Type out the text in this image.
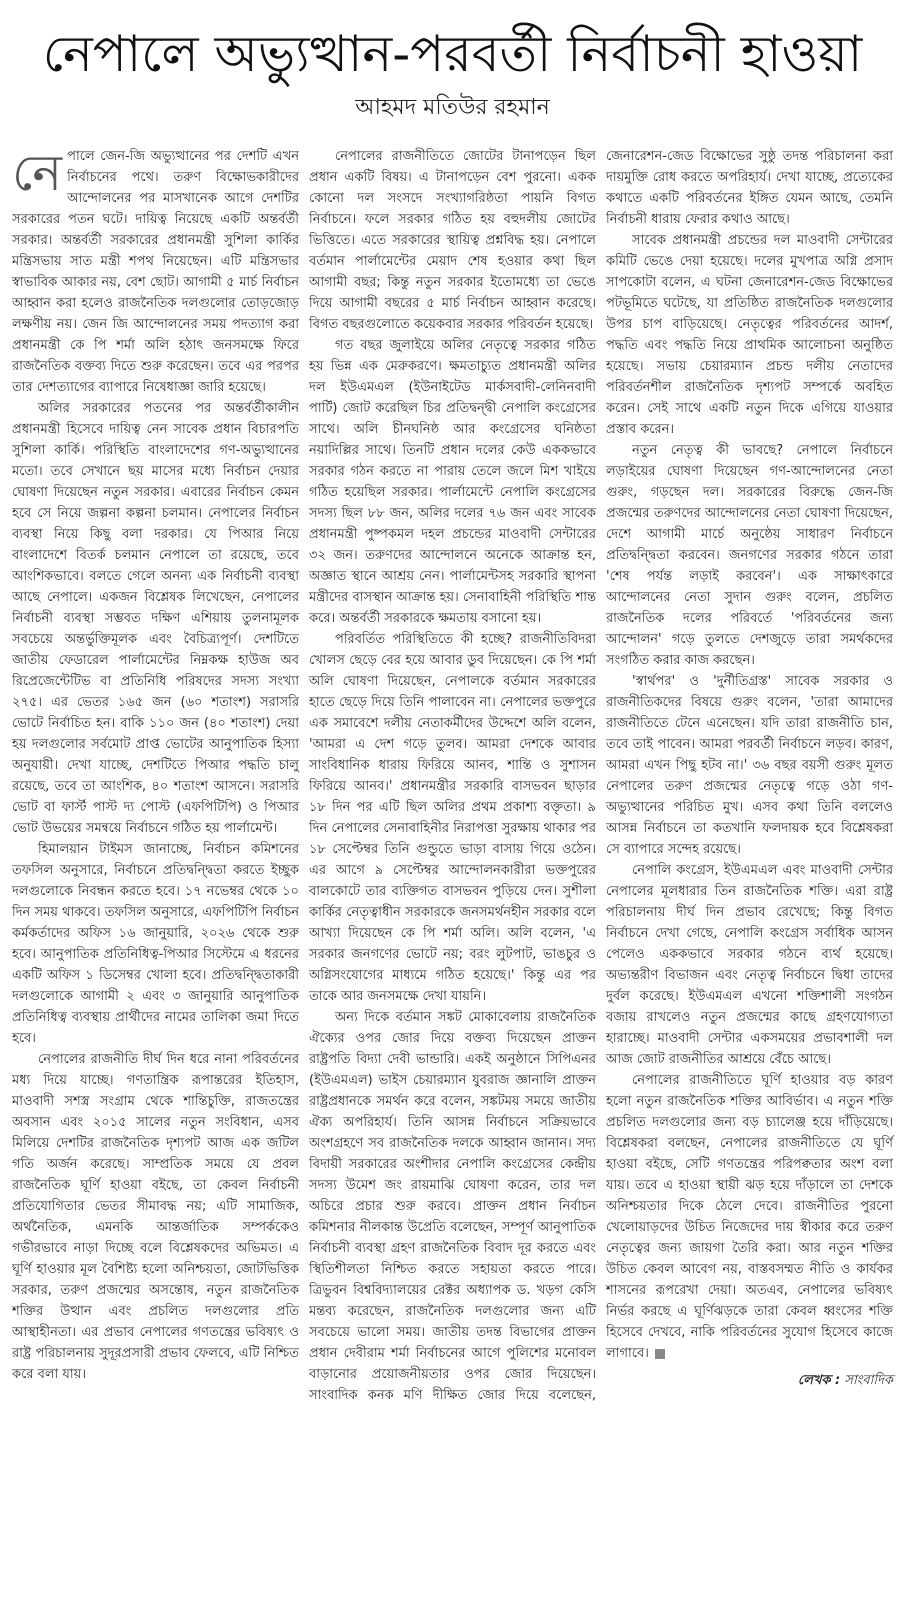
নেপালে অভ্যুত্থান-পরবর্তী নির্বাচনী হাওয়া
আহমদ মতিউর রহমান

নেপালে জেন-জি অভ্যুত্থানের পর দেশটি এখন নির্বাচনের পথে। তরুণ বিক্ষোভকারীদের আন্দোলনের পর মাসখানেক আগে দেশটির সরকারের পতন ঘটে। দায়িত্ব নিয়েছে একটি অন্তর্বর্তী সরকার। অন্তর্বর্তী সরকারের প্রধানমন্ত্রী সুশিলা কার্কির মন্ত্রিসভায় সাত মন্ত্রী শপথ নিয়েছেন। এটি মন্ত্রিসভার স্বাভাবিক আকার নয়, বেশ ছোট। আগামী ৫ মার্চ নির্বাচন আহ্বান করা হলেও রাজনৈতিক দলগুলোর তোড়জোড় লক্ষণীয় নয়। জেন জি আন্দোলনের সময় পদত্যাগ করা প্রধানমন্ত্রী কে পি শর্মা অলি হঠাৎ জনসমক্ষে ফিরে রাজনৈতিক বক্তব্য দিতে শুরু করেছেন। তবে এর পরপর তার দেশত্যাগের ব্যাপারে নিষেধাজ্ঞা জারি হয়েছে।

অলির সরকারের পতনের পর অন্তর্বর্তীকালীন প্রধানমন্ত্রী হিসেবে দায়িত্ব নেন সাবেক প্রধান বিচারপতি সুশিলা কার্কি। পরিস্থিতি বাংলাদেশের গণ-অভ্যুত্থানের মতো। তবে সেখানে ছয় মাসের মধ্যে নির্বাচন দেয়ার ঘোষণা দিয়েছেন নতুন সরকার। এবারের নির্বাচন কেমন হবে সে নিয়ে জল্পনা কল্পনা চলমান। নেপালের নির্বাচন ব্যবস্থা নিয়ে কিছু বলা দরকার। যে পিআর নিয়ে বাংলাদেশে বিতর্ক চলমান নেপালে তা রয়েছে, তবে আংশিকভাবে। বলতে গেলে অনন্য এক নির্বাচনী ব্যবস্থা আছে নেপালে। একজন বিশ্লেষক লিখেছেন, নেপালের নির্বাচনী ব্যবস্থা সম্ভবত দক্ষিণ এশিয়ায় তুলনামূলক সবচেয়ে অন্তর্ভুক্তিমূলক এবং বৈচিত্র্যপূর্ণ। দেশটিতে জাতীয় ফেডারেল পার্লামেন্টের নিম্নকক্ষ হাউজ অব রিপ্রেজেন্টেটিভ বা প্রতিনিধি পরিষদের সদস্য সংখ্যা ২৭৫। এর ভেতর ১৬৫ জন (৬০ শতাংশ) সরাসরি ভোটে নির্বাচিত হন। বাকি ১১০ জন (৪০ শতাংশ) দেয়া হয় দলগুলোর সর্বমোট প্রাপ্ত ভোটের আনুপাতিক হিস্যা অনুযায়ী। দেখা যাচ্ছে, দেশটিতে পিআর পদ্ধতি চালু রয়েছে, তবে তা আংশিক, ৪০ শতাংশ আসনে। সরাসরি ভোট বা ফার্স্ট পাস্ট দ্য পোস্ট (এফপিটিপি) ও পিআর ভোট উভয়ের সমন্বয়ে নির্বাচনে গঠিত হয় পার্লামেন্ট।

হিমালয়ান টাইমস জানাচ্ছে, নির্বাচন কমিশনের তফসিল অনুসারে, নির্বাচনে প্রতিদ্বন্দ্বিতা করতে ইচ্ছুক দলগুলোকে নিবন্ধন করতে হবে। ১৭ নভেম্বর থেকে ১০ দিন সময় থাকবে। তফসিল অনুসারে, এফপিটিপি নির্বাচন কর্মকর্তাদের অফিস ১৬ জানুয়ারি, ২০২৬ থেকে শুরু হবে। আনুপাতিক প্রতিনিধিত্ব-পিআর সিস্টেমে এ ধরনের একটি অফিস ১ ডিসেম্বর খোলা হবে। প্রতিদ্বন্দ্বিতাকারী দলগুলোকে আগামী ২ এবং ৩ জানুয়ারি আনুপাতিক প্রতিনিধিত্ব ব্যবস্থায় প্রার্থীদের নামের তালিকা জমা দিতে হবে।

নেপালের রাজনীতি দীর্ঘ দিন ধরে নানা পরিবর্তনের মধ্য দিয়ে যাচ্ছে। গণতান্ত্রিক রূপান্তরের ইতিহাস, মাওবাদী সশস্ত্র সংগ্রাম থেকে শান্তিচুক্তি, রাজতন্ত্রের অবসান এবং ২০১৫ সালের নতুন সংবিধান, এসব মিলিয়ে দেশটির রাজনৈতিক দৃশ্যপট আজ এক জটিল গতি অর্জন করেছে। সাম্প্রতিক সময়ে যে প্রবল রাজনৈতিক ঘূর্ণি হাওয়া বইছে, তা কেবল নির্বাচনী প্রতিযোগিতার ভেতর সীমাবদ্ধ নয়; এটি সামাজিক, অর্থনৈতিক, এমনকি আন্তর্জাতিক সম্পর্ককেও গভীরভাবে নাড়া দিচ্ছে বলে বিশ্লেষকদের অভিমত। এ ঘূর্ণি হাওয়ার মূল বৈশিষ্ট্য হলো অনিশ্চয়তা, জোটভিত্তিক সরকার, তরুণ প্রজন্মের অসন্তোষ, নতুন রাজনৈতিক শক্তির উত্থান এবং প্রচলিত দলগুলোর প্রতি আস্থাহীনতা। এর প্রভাব নেপালের গণতন্ত্রের ভবিষ্যৎ ও রাষ্ট্র পরিচালনায় সুদূরপ্রসারী প্রভাব ফেলবে, এটি নিশ্চিত করে বলা যায়।

নেপালের রাজনীতিতে জোটের টানাপড়েন ছিল প্রধান একটি বিষয়। এ টানাপড়েন বেশ পুরনো। একক কোনো দল সংসদে সংখ্যাগরিষ্ঠতা পায়নি বিগত নির্বাচনে। ফলে সরকার গঠিত হয় বহুদলীয় জোটের ভিত্তিতে। এতে সরকারের স্থায়িত্ব প্রশ্নবিদ্ধ হয়। নেপালে বর্তমান পার্লামেন্টের মেয়াদ শেষ হওয়ার কথা ছিল আগামী বছর; কিন্তু নতুন সরকার ইতোমধ্যে তা ভেঙে দিয়ে আগামী বছরের ৫ মার্চ নির্বাচন আহ্বান করেছে। বিগত বছরগুলোতে কয়েকবার সরকার পরিবর্তন হয়েছে।

গত বছর জুলাইয়ে অলির নেতৃত্বে সরকার গঠিত হয় ভিন্ন এক মেরুকরণে। ক্ষমতাচ্যুত প্রধানমন্ত্রী অলির দল ইউএমএল (ইউনাইটেড মার্কসবাদী-লেনিনবাদী পার্টি) জোট করেছিল চির প্রতিদ্বন্দ্বী নেপালি কংগ্রেসের সাথে। অলি চীনঘনিষ্ঠ আর কংগ্রেসের ঘনিষ্ঠতা নয়াদিল্লির সাথে। তিনটি প্রধান দলের কেউ এককভাবে সরকার গঠন করতে না পারায় তেলে জলে মিশ খাইয়ে গঠিত হয়েছিল সরকার। পার্লামেন্টে নেপালি কংগ্রেসের সদস্য ছিল ৮৮ জন, অলির দলের ৭৬ জন এবং সাবেক প্রধানমন্ত্রী পুষ্পকমল দহল প্রচন্ডের মাওবাদী সেন্টারের ৩২ জন। তরুণদের আন্দোলনে অনেকে আক্রান্ত হন, অজ্ঞাত স্থানে আশ্রয় নেন। পার্লামেন্টসহ সরকারি স্থাপনা মন্ত্রীদের বাসস্থান আক্রান্ত হয়। সেনাবাহিনী পরিস্থিতি শান্ত করে। অন্তর্বর্তী সরকারকে ক্ষমতায় বসানো হয়।

পরিবর্তিত পরিস্থিতিতে কী হচ্ছে? রাজনীতিবিদরা খোলস ছেড়ে বের হয়ে আবার ডুব দিয়েছেন। কে পি শর্মা অলি ঘোষণা দিয়েছেন, নেপালকে বর্তমান সরকারের হাতে ছেড়ে দিয়ে তিনি পালাবেন না। নেপালের ভক্তপুরে এক সমাবেশে দলীয় নেতাকর্মীদের উদ্দেশে অলি বলেন, 'আমরা এ দেশ গড়ে তুলব। আমরা দেশকে আবার সাংবিধানিক ধারায় ফিরিয়ে আনব, শান্তি ও সুশাসন ফিরিয়ে আনব।' প্রধানমন্ত্রীর সরকারি বাসভবন ছাড়ার ১৮ দিন পর এটি ছিল অলির প্রথম প্রকাশ্য বক্তৃতা। ৯ দিন নেপালের সেনাবাহিনীর নিরাপত্তা সুরক্ষায় থাকার পর ১৮ সেপ্টেম্বর তিনি গুন্ডুতে ভাড়া বাসায় গিয়ে ওঠেন। এর আগে ৯ সেপ্টেম্বর আন্দোলনকারীরা ভক্তপুরের বালকোটে তার ব্যক্তিগত বাসভবন পুড়িয়ে দেন। সুশীলা কার্কির নেতৃত্বাধীন সরকারকে জনসমর্থনহীন সরকার বলে আখ্যা দিয়েছেন কে পি শর্মা অলি। অলি বলেন, 'এ সরকার জনগণের ভোটে নয়; বরং লুটপাট, ভাঙচুর ও অগ্নিসংযোগের মাধ্যমে গঠিত হয়েছে।' কিন্তু এর পর তাকে আর জনসমক্ষে দেখা যায়নি।

অন্য দিকে বর্তমান সঙ্কট মোকাবেলায় রাজনৈতিক ঐক্যের ওপর জোর দিয়ে বক্তব্য দিয়েছেন প্রাক্তন রাষ্ট্রপতি বিদ্যা দেবী ভান্ডারি। একই অনুষ্ঠানে সিপিএনর (ইউএমএল) ভাইস চেয়ারম্যান যুবরাজ জ্ঞানালি প্রাক্তন রাষ্ট্রপ্রধানকে সমর্থন করে বলেন, সঙ্কটময় সময়ে জাতীয় ঐক্য অপরিহার্য। তিনি আসন্ন নির্বাচনে সক্রিয়ভাবে অংশগ্রহণে সব রাজনৈতিক দলকে আহ্বান জানান। সদ্য বিদায়ী সরকারের অংশীদার নেপালি কংগ্রেসের কেন্দ্রীয় সদস্য উমেশ জং রায়মাঝি ঘোষণা করেন, তার দল অচিরে প্রচার শুরু করবে। প্রাক্তন প্রধান নির্বাচন কমিশনার নীলকান্ত উপ্রেতি বলেছেন, সম্পূর্ণ আনুপাতিক নির্বাচনী ব্যবস্থা গ্রহণ রাজনৈতিক বিবাদ দূর করতে এবং স্থিতিশীলতা নিশ্চিত করতে সহায়তা করতে পারে। ত্রিভুবন বিশ্ববিদ্যালয়ের রেক্টর অধ্যাপক ড. খড়গ কেসি মন্তব্য করেছেন, রাজনৈতিক দলগুলোর জন্য এটি সবচেয়ে ভালো সময়। জাতীয় তদন্ত বিভাগের প্রাক্তন প্রধান দেবীরাম শর্মা নির্বাচনের আগে পুলিশের মনোবল বাড়ানোর প্রয়োজনীয়তার ওপর জোর দিয়েছেন। সাংবাদিক কনক মণি দীক্ষিত জোর দিয়ে বলেছেন, জেনারেশন-জেড বিক্ষোভের সুষ্ঠু তদন্ত পরিচালনা করা দায়মুক্তি রোধ করতে অপরিহার্য। দেখা যাচ্ছে, প্রত্যেকের কথাতে একটি পরিবর্তনের ইঙ্গিত যেমন আছে, তেমনি নির্বাচনী ধারায় ফেরার কথাও আছে।

সাবেক প্রধানমন্ত্রী প্রচন্ডের দল মাওবাদী সেন্টারের কমিটি ভেঙে দেয়া হয়েছে। দলের মুখপাত্র অগ্নি প্রসাদ সাপকোটা বলেন, এ ঘটনা জেনারেশন-জেড বিক্ষোভের পটভূমিতে ঘটেছে, যা প্রতিষ্ঠিত রাজনৈতিক দলগুলোর উপর চাপ বাড়িয়েছে। নেতৃত্বের পরিবর্তনের আদর্শ, পদ্ধতি এবং পদ্ধতি নিয়ে প্রাথমিক আলোচনা অনুষ্ঠিত হয়েছে। সভায় চেয়ারম্যান প্রচন্ড দলীয় নেতাদের পরিবর্তনশীল রাজনৈতিক দৃশ্যপট সম্পর্কে অবহিত করেন। সেই সাথে একটি নতুন দিকে এগিয়ে যাওয়ার প্রস্তাব করেন।

নতুন নেতৃত্ব কী ভাবছে? নেপালে নির্বাচনে লড়াইয়ের ঘোষণা দিয়েছেন গণ-আন্দোলনের নেতা গুরুং, গড়ছেন দল। সরকারের বিরুদ্ধে জেন-জি প্রজন্মের তরুণদের আন্দোলনের নেতা ঘোষণা দিয়েছেন, দেশে আগামী মার্চে অনুষ্ঠেয় সাধারণ নির্বাচনে প্রতিদ্বন্দ্বিতা করবেন। জনগণের সরকার গঠনে তারা 'শেষ পর্যন্ত লড়াই করবেন'। এক সাক্ষাৎকারে আন্দোলনের নেতা সুদান গুরুং বলেন, প্রচলিত রাজনৈতিক দলের পরিবর্তে 'পরিবর্তনের জন্য আন্দোলন' গড়ে তুলতে দেশজুড়ে তারা সমর্থকদের সংগঠিত করার কাজ করছেন।

'স্বার্থপর' ও 'দুর্নীতিগ্রস্ত' সাবেক সরকার ও রাজনীতিকদের বিষয়ে গুরুং বলেন, 'তারা আমাদের রাজনীতিতে টেনে এনেছেন। যদি তারা রাজনীতি চান, তবে তাই পাবেন। আমরা পরবর্তী নির্বাচনে লড়ব। কারণ, আমরা এখন পিছু হটব না।' ৩৬ বছর বয়সী গুরুং মূলত নেপালের তরুণ প্রজন্মের নেতৃত্বে গড়ে ওঠা গণ-অভ্যুত্থানের পরিচিত মুখ। এসব কথা তিনি বললেও আসন্ন নির্বাচনে তা কতখানি ফলদায়ক হবে বিশ্লেষকরা সে ব্যাপারে সন্দেহ রয়েছে।

নেপালি কংগ্রেস, ইউএমএল এবং মাওবাদী সেন্টার নেপালের মূলধারার তিন রাজনৈতিক শক্তি। এরা রাষ্ট্র পরিচালনায় দীর্ঘ দিন প্রভাব রেখেছে; কিন্তু বিগত নির্বাচনে দেখা গেছে, নেপালি কংগ্রেস সর্বাধিক আসন পেলেও এককভাবে সরকার গঠনে ব্যর্থ হয়েছে। অভ্যন্তরীণ বিভাজন এবং নেতৃত্ব নির্বাচনে দ্বিধা তাদের দুর্বল করেছে। ইউএমএল এখনো শক্তিশালী সংগঠন বজায় রাখলেও নতুন প্রজন্মের কাছে গ্রহণযোগ্যতা হারাচ্ছে। মাওবাদী সেন্টার একসময়ের প্রভাবশালী দল আজ জোট রাজনীতির আশ্রয়ে বেঁচে আছে।

নেপালের রাজনীতিতে ঘূর্ণি হাওয়ার বড় কারণ হলো নতুন রাজনৈতিক শক্তির আবির্ভাব। এ নতুন শক্তি প্রচলিত দলগুলোর জন্য বড় চ্যালেঞ্জ হয়ে দাঁড়িয়েছে। বিশ্লেষকরা বলছেন, নেপালের রাজনীতিতে যে ঘূর্ণি হাওয়া বইছে, সেটি গণতন্ত্রের পরিপক্বতার অংশ বলা যায়। তবে এ হাওয়া স্থায়ী ঝড় হয়ে দাঁড়ালে তা দেশকে অনিশ্চয়তার দিকে ঠেলে দেবে। রাজনীতির পুরনো খেলোয়াড়দের উচিত নিজেদের দায় স্বীকার করে তরুণ নেতৃত্বের জন্য জায়গা তৈরি করা। আর নতুন শক্তির উচিত কেবল আবেগ নয়, বাস্তবসম্মত নীতি ও কার্যকর শাসনের রূপরেখা দেয়া। অতএব, নেপালের ভবিষ্যৎ নির্ভর করছে এ ঘূর্ণিঝড়কে তারা কেবল ধ্বংসের শক্তি হিসেবে দেখবে, নাকি পরিবর্তনের সুযোগ হিসেবে কাজে লাগাবে।

লেখক : সাংবাদিক
